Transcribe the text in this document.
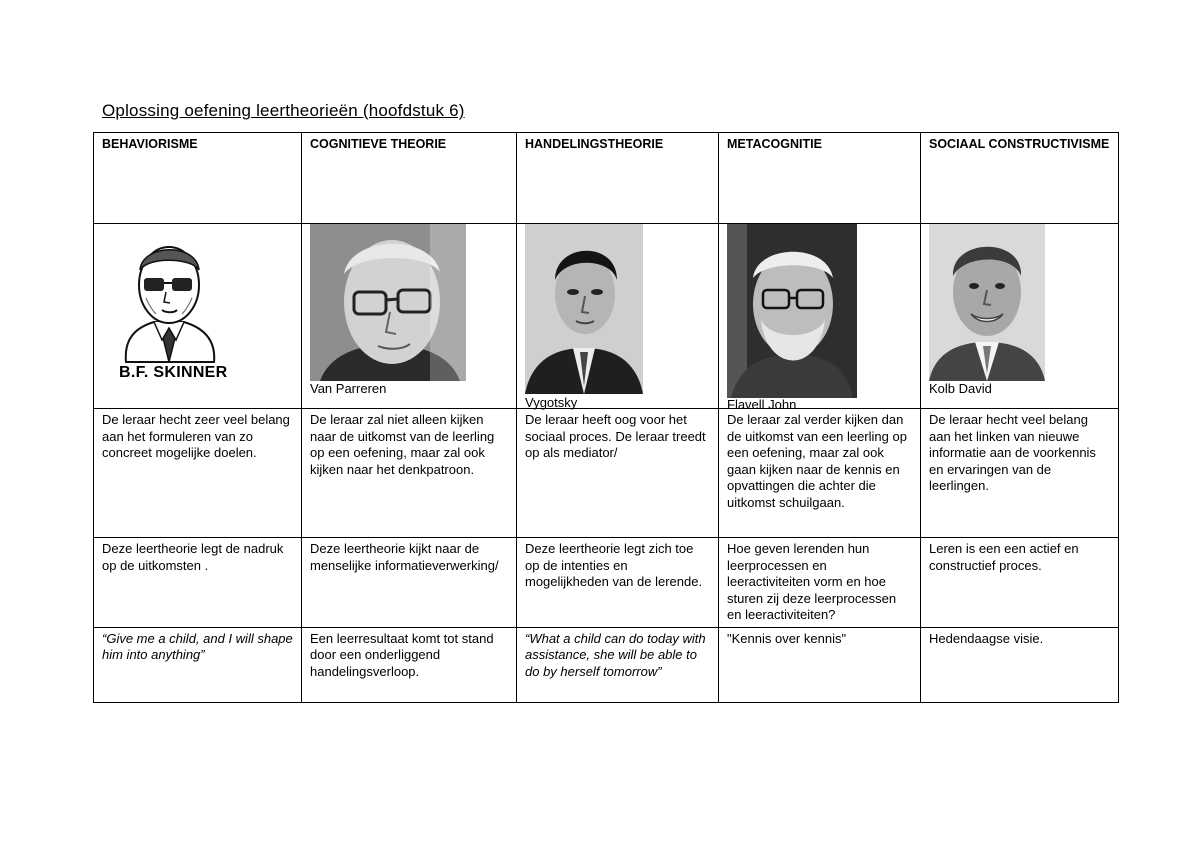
Oplossing oefening leertheorieën (hoofdstuk 6)
BEHAVIORISME	COGNITIEVE THEORIE	HANDELINGSTHEORIE	METACOGNITIE	SOCIAAL CONSTRUCTIVISME

B.F. SKINNER	Van Parreren	Vygotsky	Flavell John	Kolb David

De leraar hecht zeer veel belang aan het formuleren van zo concreet mogelijke doelen.	De leraar zal niet alleen kijken naar de uitkomst van de leerling op een oefening, maar zal ook kijken naar het denkpatroon.	De leraar heeft oog voor het sociaal proces. De leraar treedt op als mediator/	De leraar zal verder kijken dan de uitkomst van een leerling op een oefening, maar zal ook gaan kijken naar de kennis en opvattingen die achter die uitkomst schuilgaan.	De leraar hecht veel belang aan het linken van nieuwe informatie aan de voorkennis en ervaringen van de leerlingen.
Deze leertheorie legt de nadruk op de uitkomsten .	Deze leertheorie kijkt naar de menselijke informatieverwerking/	Deze leertheorie legt zich toe op de intenties en mogelijkheden van de lerende.	Hoe geven lerenden hun leerprocessen en leeractiviteiten vorm en hoe sturen zij deze leerprocessen en leeractiviteiten?	Leren is een een actief en constructief proces.
“Give me a child, and I will shape him into anything”	Een leerresultaat komt tot stand door een onderliggend handelingsverloop.	“What a child can do today with assistance, she will be able to do by herself tomorrow”	"Kennis over kennis"	Hedendaagse visie.
